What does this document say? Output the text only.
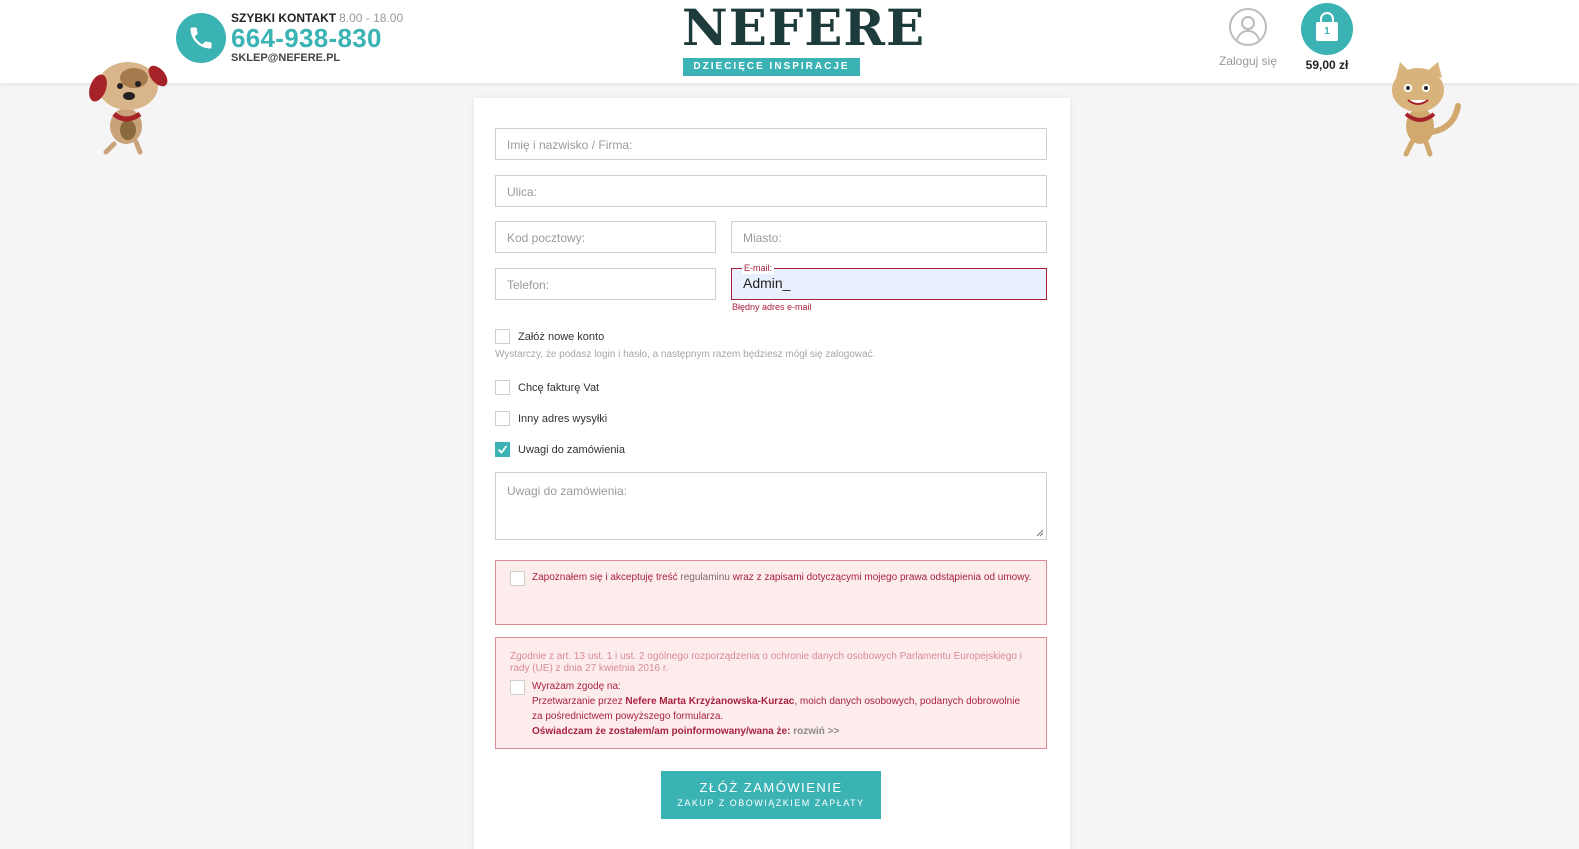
SZYBKI KONTAKT 8.00 - 18.00
664-938-830
SKLEP@NEFERE.PL
NEFERE
DZIECIĘCE INSPIRACJE	Zaloguj się
1
59,00 zł
Imię i nazwisko / Firma:
Ulica:
Kod pocztowy:	Miasto:
Telefon:
E-mail:
Admin_
Błędny adres e-mail
Załóż nowe konto
Wystarczy, że podasz login i hasło, a następnym razem będziesz mógł się zalogować.
Chcę fakturę Vat
Inny adres wysyłki
Uwagi do zamówienia
Uwagi do zamówienia:
Zapoznałem się i akceptuję treść regulaminu wraz z zapisami dotyczącymi mojego prawa odstąpienia od umowy.
Zgodnie z art. 13 ust. 1 i ust. 2 ogólnego rozporządzenia o ochronie danych osobowych Parlamentu Europejskiego i rady (UE) z dnia 27 kwietnia 2016 r.
Wyrażam zgodę na:
Przetwarzanie przez Nefere Marta Krzyżanowska-Kurzac, moich danych osobowych, podanych dobrowolnie za pośrednictwem powyższego formularza.
Oświadczam że zostałem/am poinformowany/wana że: rozwiń >>
ZŁÓŻ ZAMÓWIENIE
ZAKUP Z OBOWIĄZKIEM ZAPŁATY
